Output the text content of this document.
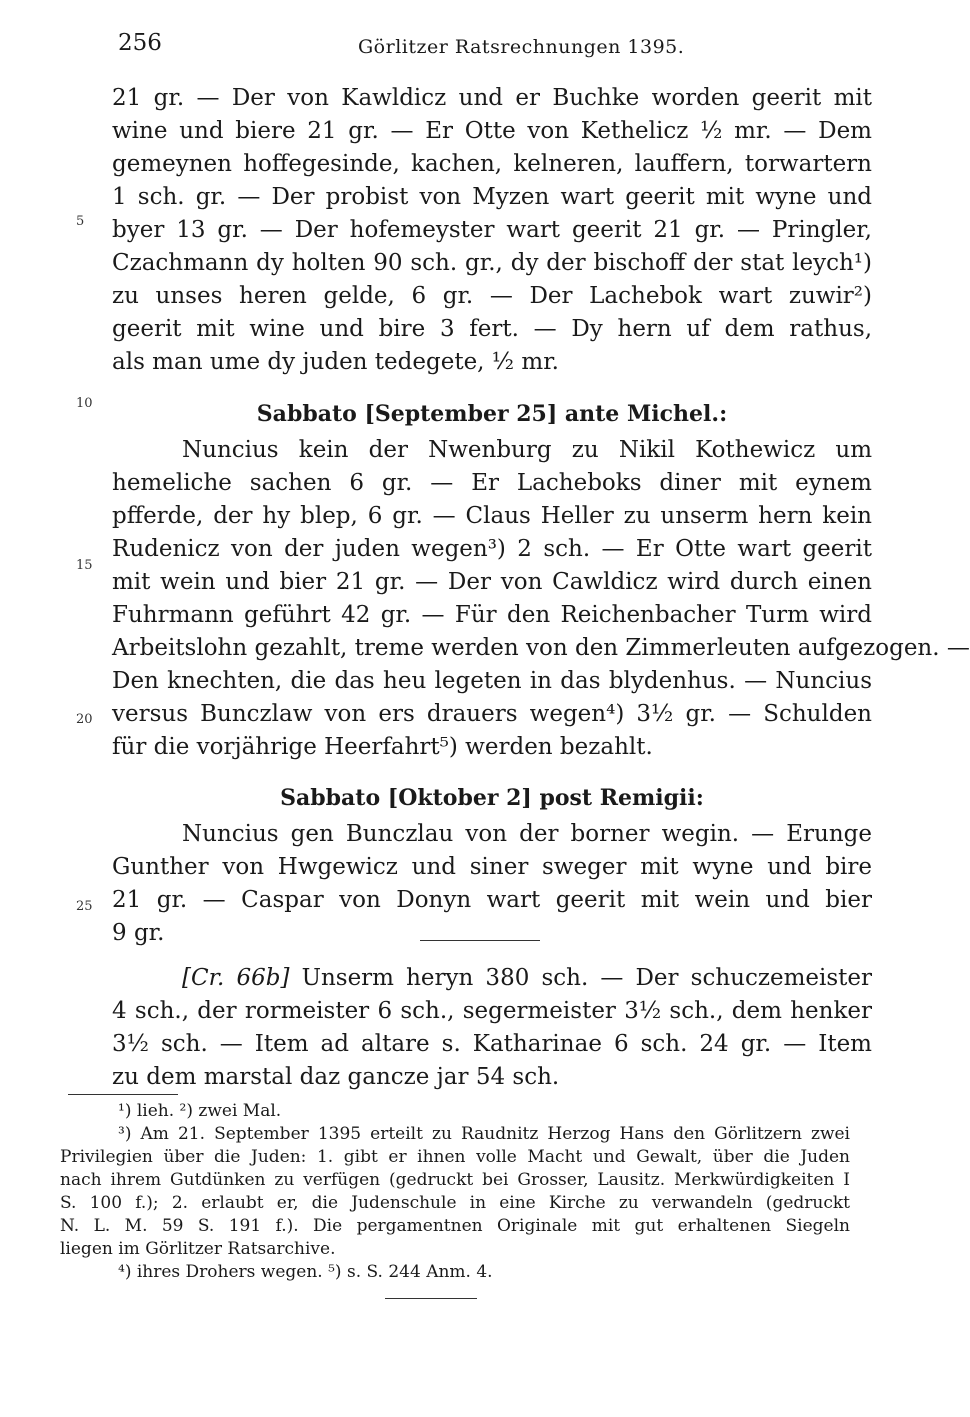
256	Görlitzer Ratsrechnungen 1395.
5
10
15
20
25
21 gr. — Der von Kawldicz und er Buchke worden geerit mit
wine und biere 21 gr. — Er Otte von Kethelicz ½ mr. — Dem
gemeynen hoffegesinde, kachen, kelneren, lauffern, torwartern
1 sch. gr. — Der probist von Myzen wart geerit mit wyne und
byer 13 gr. — Der hofemeyster wart geerit 21 gr. — Pringler,
Czachmann dy holten 90 sch. gr., dy der bischoff der stat leych¹)
zu unses heren gelde, 6 gr. — Der Lachebok wart zuwir²)
geerit mit wine und bire 3 fert. — Dy hern uf dem rathus,
als man ume dy juden tedegete, ½ mr.
Sabbato [September 25] ante Michel.:
Nuncius kein der Nwenburg zu Nikil Kothewicz um
hemeliche sachen 6 gr. — Er Lacheboks diner mit eynem
pfferde, der hy blep, 6 gr. — Claus Heller zu unserm hern kein
Rudenicz von der juden wegen³) 2 sch. — Er Otte wart geerit
mit wein und bier 21 gr. — Der von Cawldicz wird durch einen
Fuhrmann geführt 42 gr. — Für den Reichenbacher Turm wird
Arbeitslohn gezahlt, treme werden von den Zimmerleuten aufgezogen. —
Den knechten, die das heu legeten in das blydenhus. — Nuncius
versus Bunczlaw von ers drauers wegen⁴) 3½ gr. — Schulden
für die vorjährige Heerfahrt⁵) werden bezahlt.
Sabbato [Oktober 2] post Remigii:
Nuncius gen Bunczlau von der borner wegin. — Erunge
Gunther von Hwgewicz und siner sweger mit wyne und bire
21 gr. — Caspar von Donyn wart geerit mit wein und bier
9 gr.
[Cr. 66b] Unserm heryn 380 sch. — Der schuczemeister
4 sch., der rormeister 6 sch., segermeister 3½ sch., dem henker
3½ sch. — Item ad altare s. Katharinae 6 sch. 24 gr. — Item
zu dem marstal daz gancze jar 54 sch.
¹) lieh. ²) zwei Mal.
³) Am 21. September 1395 erteilt zu Raudnitz Herzog Hans den Görlitzern zwei
Privilegien über die Juden: 1. gibt er ihnen volle Macht und Gewalt, über die Juden
nach ihrem Gutdünken zu verfügen (gedruckt bei Grosser, Lausitz. Merkwürdigkeiten I
S. 100 f.); 2. erlaubt er, die Judenschule in eine Kirche zu verwandeln (gedruckt
N. L. M. 59 S. 191 f.). Die pergamentnen Originale mit gut erhaltenen Siegeln
liegen im Görlitzer Ratsarchive.
⁴) ihres Drohers wegen. ⁵) s. S. 244 Anm. 4.
